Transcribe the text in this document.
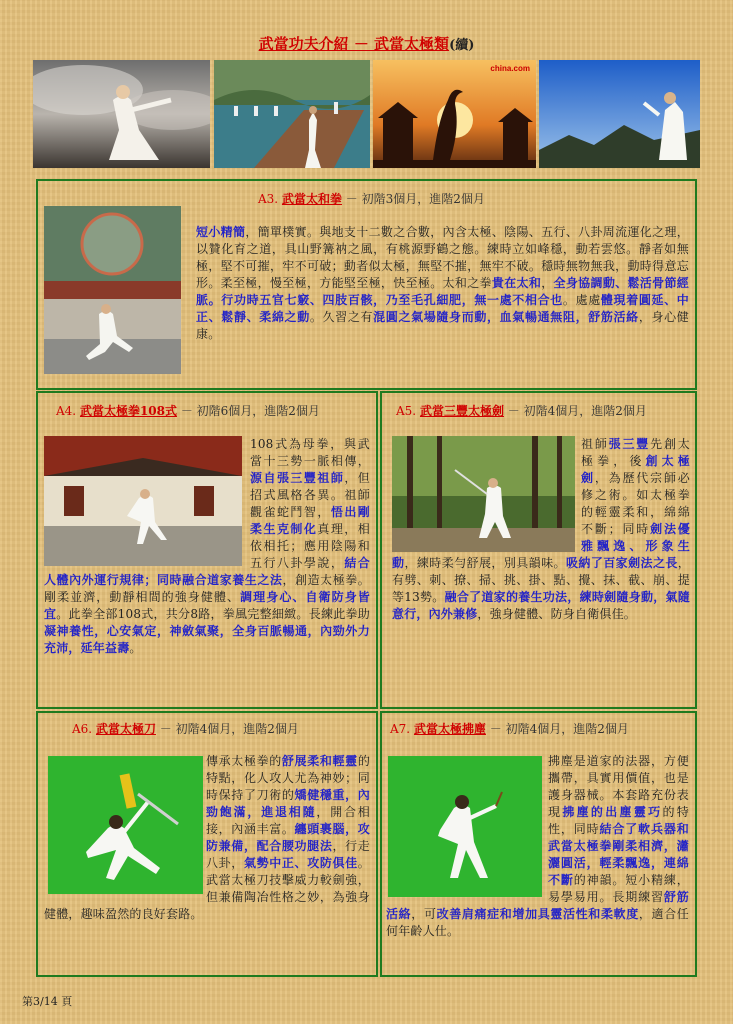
武當功夫介紹 － 武當太極類(續)
china.com
A3. 武當太和拳 － 初階3個月，進階2個月
短小精簡，簡單樸實。與地支十二數之合數，內含太極、陰陽、五行、八卦周流運化之理，以贊化育之道，具山野篝衲之風，有桃源野鶴之態。練時立如峰穩，動若雲悠。靜者如無極，堅不可摧，牢不可破；動者似太極，無堅不摧，無牢不破。穩時無物無我，動時得意忘形。柔至極，慢至極，方能堅至極，快至極。太和之拳貴在太和，全身協調動、鬆活骨節經脈。行功時五官七竅、四肢百骸，乃至毛孔細肥，無一處不相合也。處處體現着圓延、中正、鬆靜、柔綿之動。久習之有混圓之氣場隨身而動，血氣暢通無阻，舒筋活絡，身心健康。
A4. 武當太極拳108式 － 初階6個月，進階2個月
108式為母拳，與武當十三勢一脈相傳，源自張三豐祖師，但招式風格各異。祖師觀雀蛇鬥智，悟出剛柔生克制化真理，相依相托；應用陰陽和五行八卦學說，結合人體內外運行規律；同時融合道家養生之法，創造太極拳。剛柔並濟，動靜相間的強身健體、調理身心、自衛防身皆宜。此拳全部108式，共分8路，拳風完整細緻。長練此拳助凝神養性，心安氣定，神斂氣聚，全身百脈暢通，內勁外力充沛，延年益壽。
A5. 武當三豐太極劍 － 初階4個月，進階2個月
祖師張三豐先創太極拳，後創太極劍，為歷代宗師必修之術。如太極拳的輕靈柔和，綿綿不斷；同時劍法優雅飄逸、形象生動，練時柔勻舒展，別具韻味。吸納了百家劍法之長，有劈、刺、撩、掃、挑、掛、點、攪、抹、截、崩、提等13勢。融合了道家的養生功法，練時劍隨身動，氣隨意行，內外兼修，強身健體、防身自衛俱佳。
A6. 武當太極刀 － 初階4個月，進階2個月
傳承太極拳的舒展柔和輕靈的特點，化人攻人尤為神妙；同時保持了刀術的矯健穩重，內勁飽滿，進退相隨，開合相接，內涵丰富。纏頭裹腦，攻防兼備，配合腰功腿法，行走八卦，氣勢中正、攻防俱佳。武當太極刀技擊威力較劍強，但兼備陶冶性格之妙，為強身健體，趣味盈然的良好套路。
A7. 武當太極拂塵 － 初階4個月，進階2個月
拂塵是道家的法器，方便攜帶，具實用價值，也是護身器械。本套路充份表現拂塵的出塵靈巧的特性，同時結合了軟兵器和武當太極拳剛柔相濟，瀟灑圓活，輕柔飄逸，連綿不斷的神韻。短小精練，易學易用。長期練習舒筋活絡，可改善肩痛症和增加具靈活性和柔軟度，適合任何年齡人仕。
第3/14 頁
